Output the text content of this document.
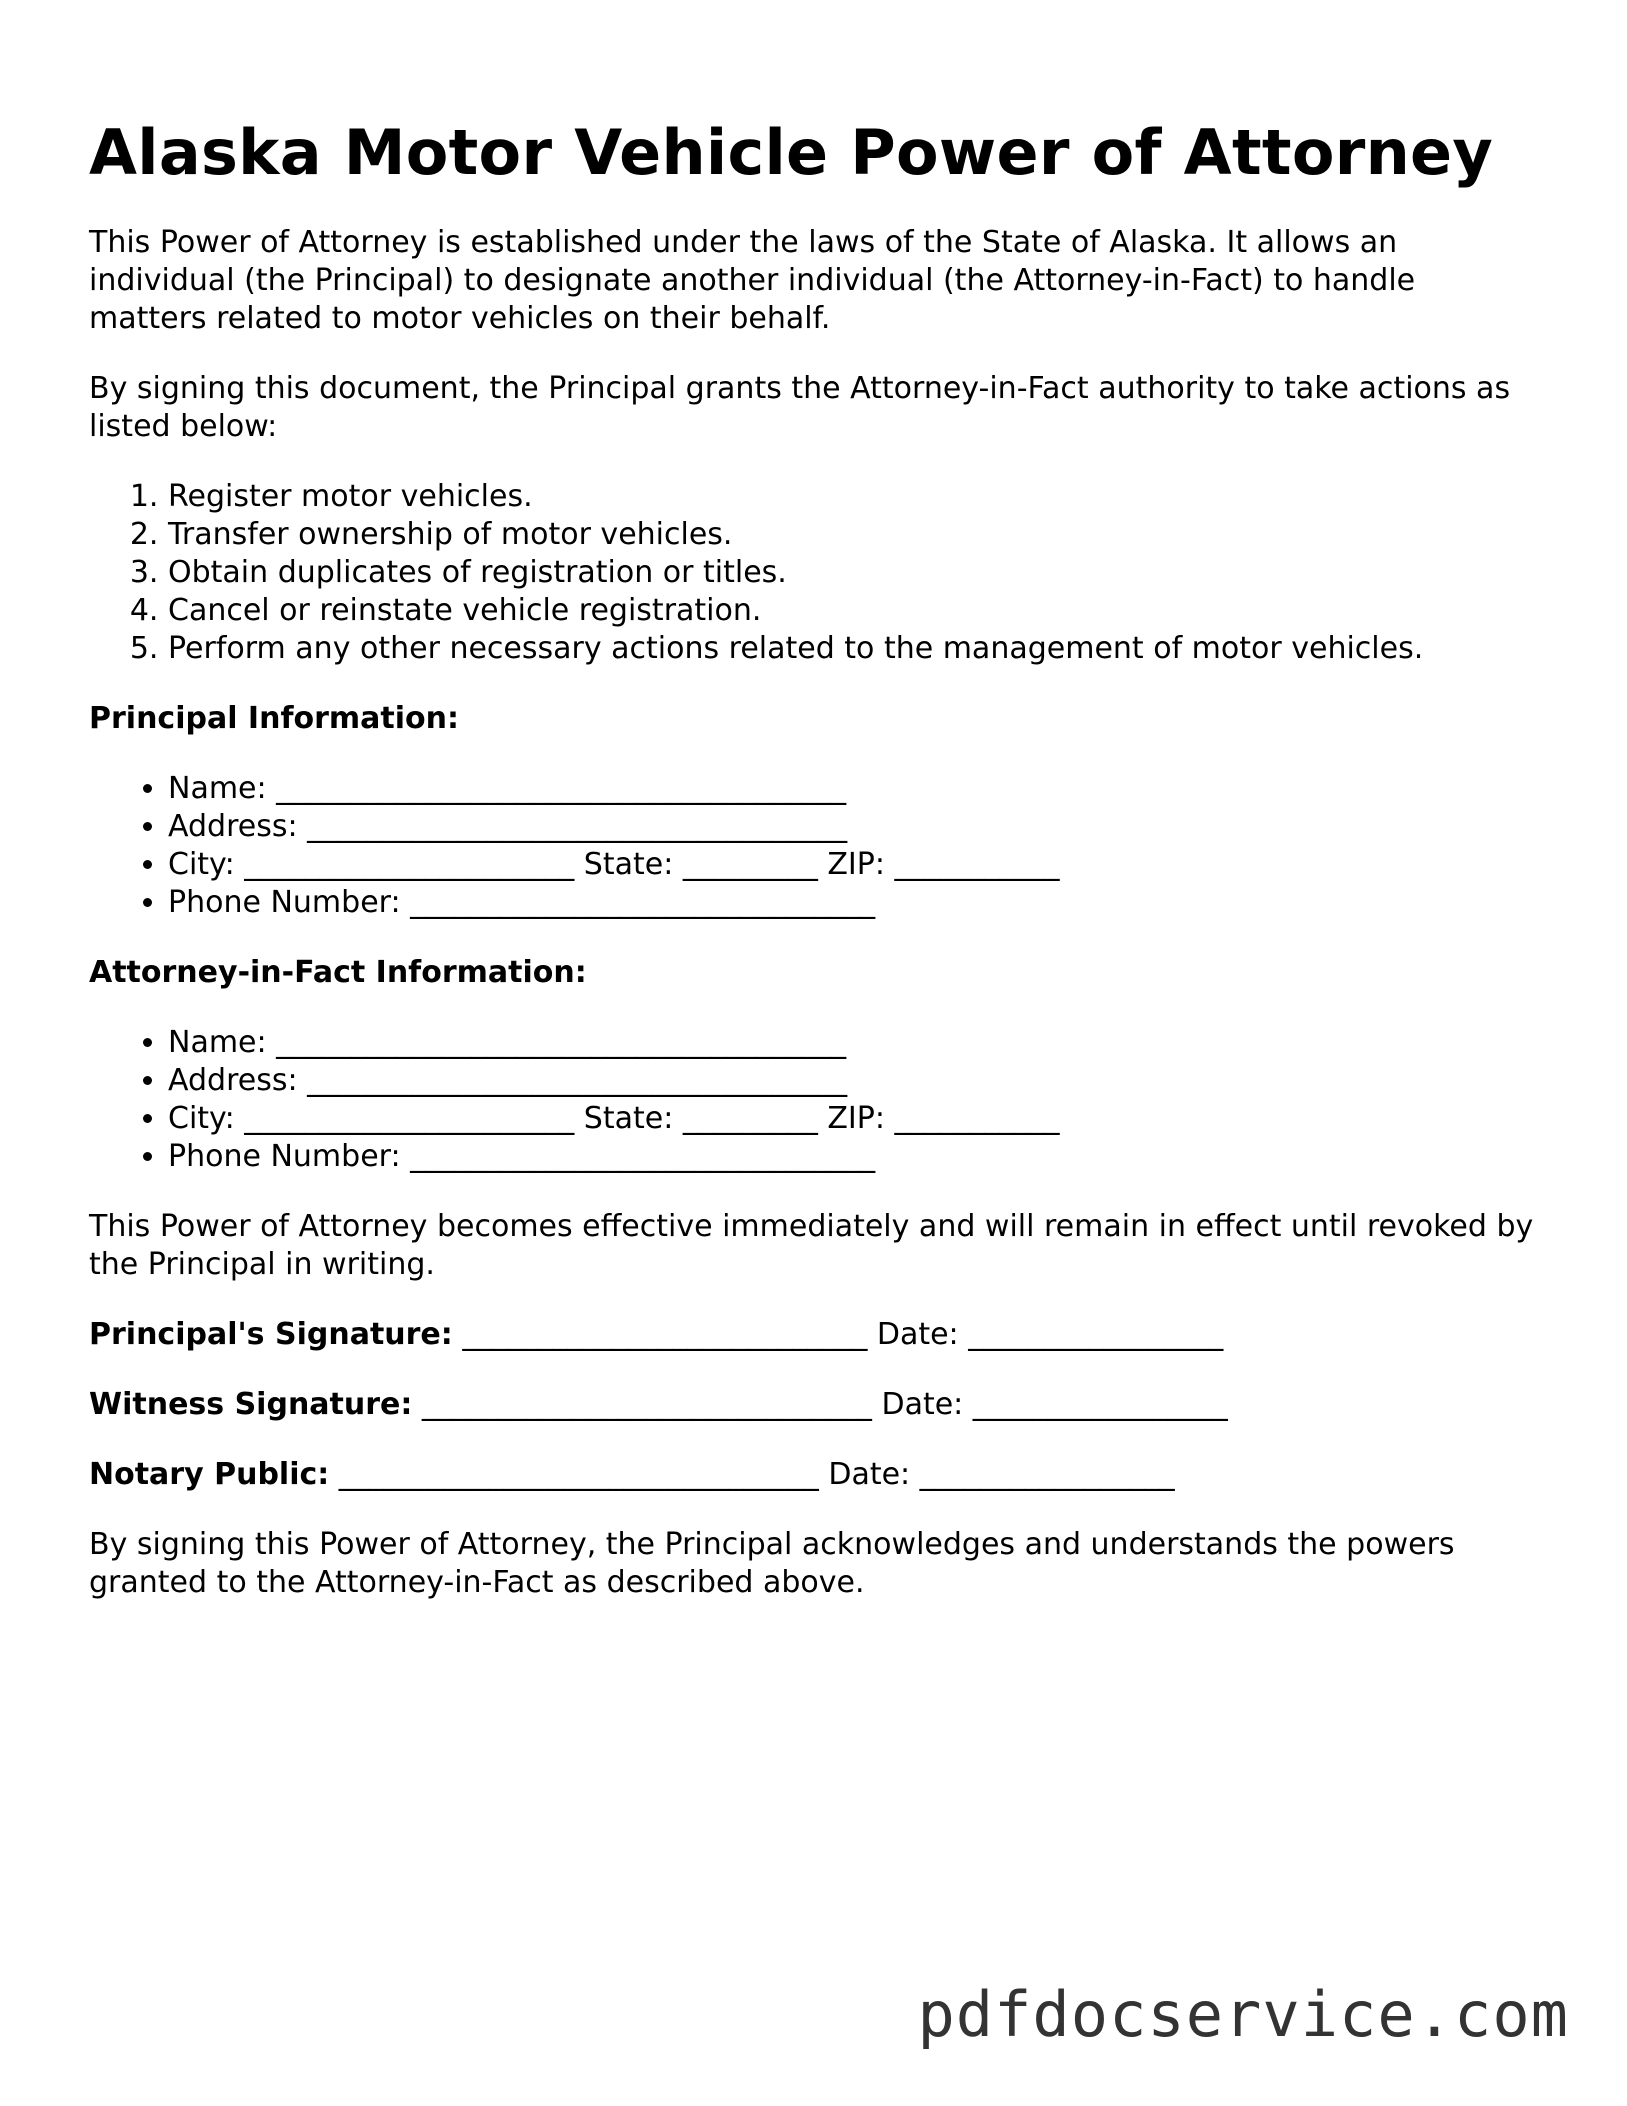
Alaska Motor Vehicle Power of Attorney

This Power of Attorney is established under the laws of the State of Alaska. It allows an individual (the Principal) to designate another individual (the Attorney-in-Fact) to handle matters related to motor vehicles on their behalf.

By signing this document, the Principal grants the Attorney-in-Fact authority to take actions as listed below:

1. Register motor vehicles.
2. Transfer ownership of motor vehicles.
3. Obtain duplicates of registration or titles.
4. Cancel or reinstate vehicle registration.
5. Perform any other necessary actions related to the management of motor vehicles.
Principal Information:
• Name: ______________________________________
• Address: ____________________________________
• City: ______________________ State: _________ ZIP: ___________
• Phone Number: _______________________________
Attorney-in-Fact Information:
• Name: ______________________________________
• Address: ____________________________________
• City: ______________________ State: _________ ZIP: ___________
• Phone Number: _______________________________

This Power of Attorney becomes effective immediately and will remain in effect until revoked by the Principal in writing.

Principal's Signature: ___________________________ Date: _________________
Witness Signature: ______________________________ Date: _________________
Notary Public: ________________________________ Date: _________________

By signing this Power of Attorney, the Principal acknowledges and understands the powers granted to the Attorney-in-Fact as described above.

pdfdocservice.com
